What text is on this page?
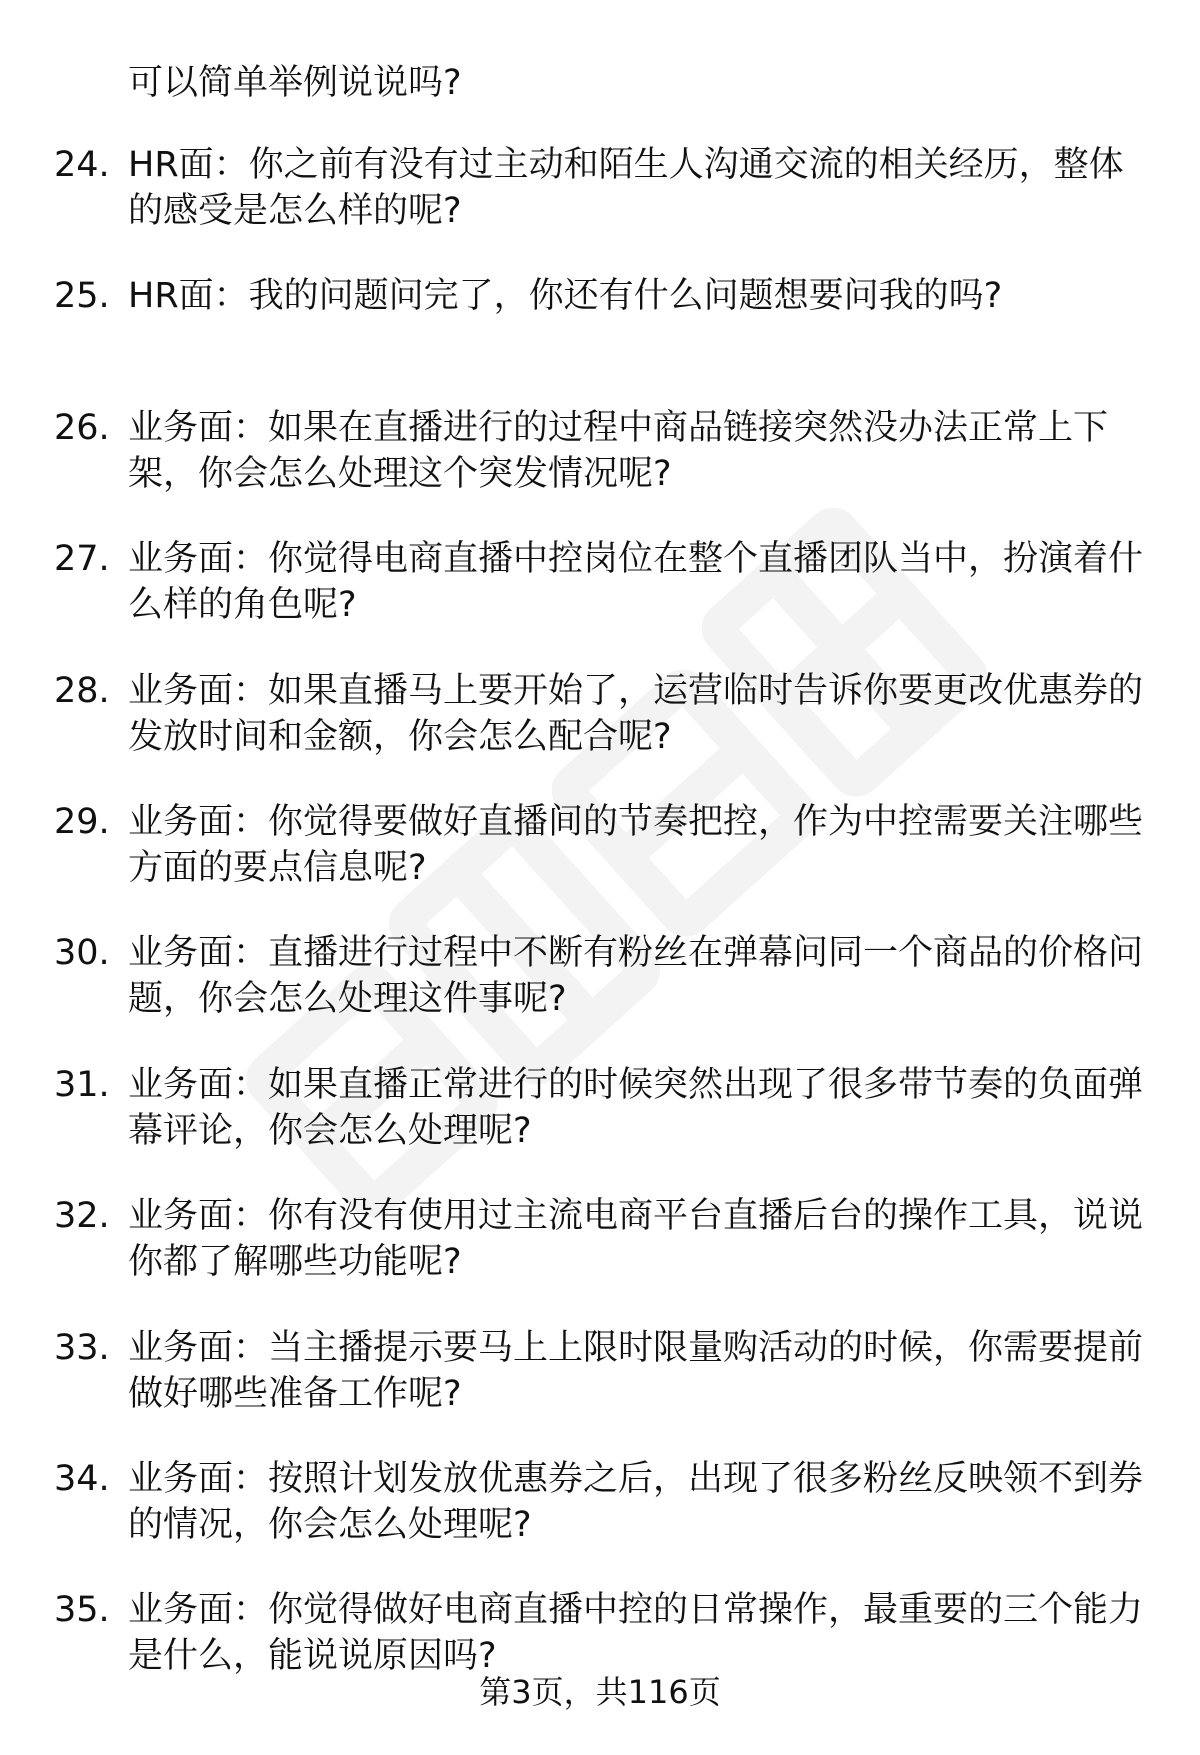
可以简单举例说说吗?
24. HR面：你之前有没有过主动和陌生人沟通交流的相关经历，整体的感受是怎么样的呢?
25. HR面：我的问题问完了，你还有什么问题想要问我的吗?
26. 业务面：如果在直播进行的过程中商品链接突然没办法正常上下架，你会怎么处理这个突发情况呢?
27. 业务面：你觉得电商直播中控岗位在整个直播团队当中，扮演着什么样的角色呢?
28. 业务面：如果直播马上要开始了，运营临时告诉你要更改优惠券的发放时间和金额，你会怎么配合呢?
29. 业务面：你觉得要做好直播间的节奏把控，作为中控需要关注哪些方面的要点信息呢?
30. 业务面：直播进行过程中不断有粉丝在弹幕问同一个商品的价格问题，你会怎么处理这件事呢?
31. 业务面：如果直播正常进行的时候突然出现了很多带节奏的负面弹幕评论，你会怎么处理呢?
32. 业务面：你有没有使用过主流电商平台直播后台的操作工具，说说你都了解哪些功能呢?
33. 业务面：当主播提示要马上上限时限量购活动的时候，你需要提前做好哪些准备工作呢?
34. 业务面：按照计划发放优惠券之后，出现了很多粉丝反映领不到券的情况，你会怎么处理呢?
35. 业务面：你觉得做好电商直播中控的日常操作，最重要的三个能力是什么，能说说原因吗?
第3页，共116页
